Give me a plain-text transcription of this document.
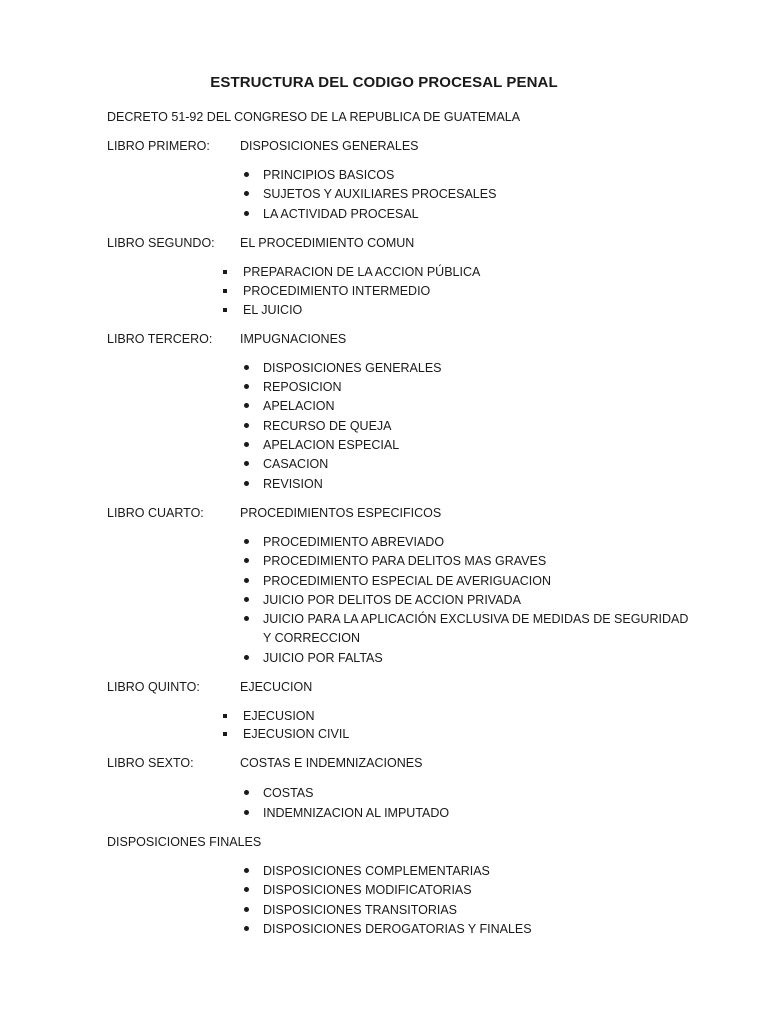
ESTRUCTURA DEL CODIGO PROCESAL PENAL
DECRETO 51-92 DEL CONGRESO DE LA REPUBLICA DE GUATEMALA
LIBRO PRIMERO: DISPOSICIONES GENERALES
PRINCIPIOS BASICOS
SUJETOS Y AUXILIARES PROCESALES
LA ACTIVIDAD PROCESAL
LIBRO SEGUNDO: EL PROCEDIMIENTO COMUN
PREPARACION DE LA ACCION PÚBLICA
PROCEDIMIENTO INTERMEDIO
EL JUICIO
LIBRO TERCERO: IMPUGNACIONES
DISPOSICIONES GENERALES
REPOSICION
APELACION
RECURSO DE QUEJA
APELACION ESPECIAL
CASACION
REVISION
LIBRO CUARTO:	PROCEDIMIENTOS ESPECIFICOS
PROCEDIMIENTO ABREVIADO
PROCEDIMIENTO PARA DELITOS MAS GRAVES
PROCEDIMIENTO ESPECIAL DE AVERIGUACION
JUICIO POR DELITOS DE ACCION PRIVADA
JUICIO PARA LA APLICACIÓN EXCLUSIVA DE MEDIDAS DE SEGURIDAD
Y CORRECCION
JUICIO POR FALTAS
LIBRO QUINTO:	EJECUCION
EJECUSION
EJECUSION CIVIL
LIBRO SEXTO:	COSTAS E INDEMNIZACIONES
COSTAS
INDEMNIZACION AL IMPUTADO
DISPOSICIONES FINALES
DISPOSICIONES COMPLEMENTARIAS
DISPOSICIONES MODIFICATORIAS
DISPOSICIONES TRANSITORIAS
DISPOSICIONES DEROGATORIAS Y FINALES
